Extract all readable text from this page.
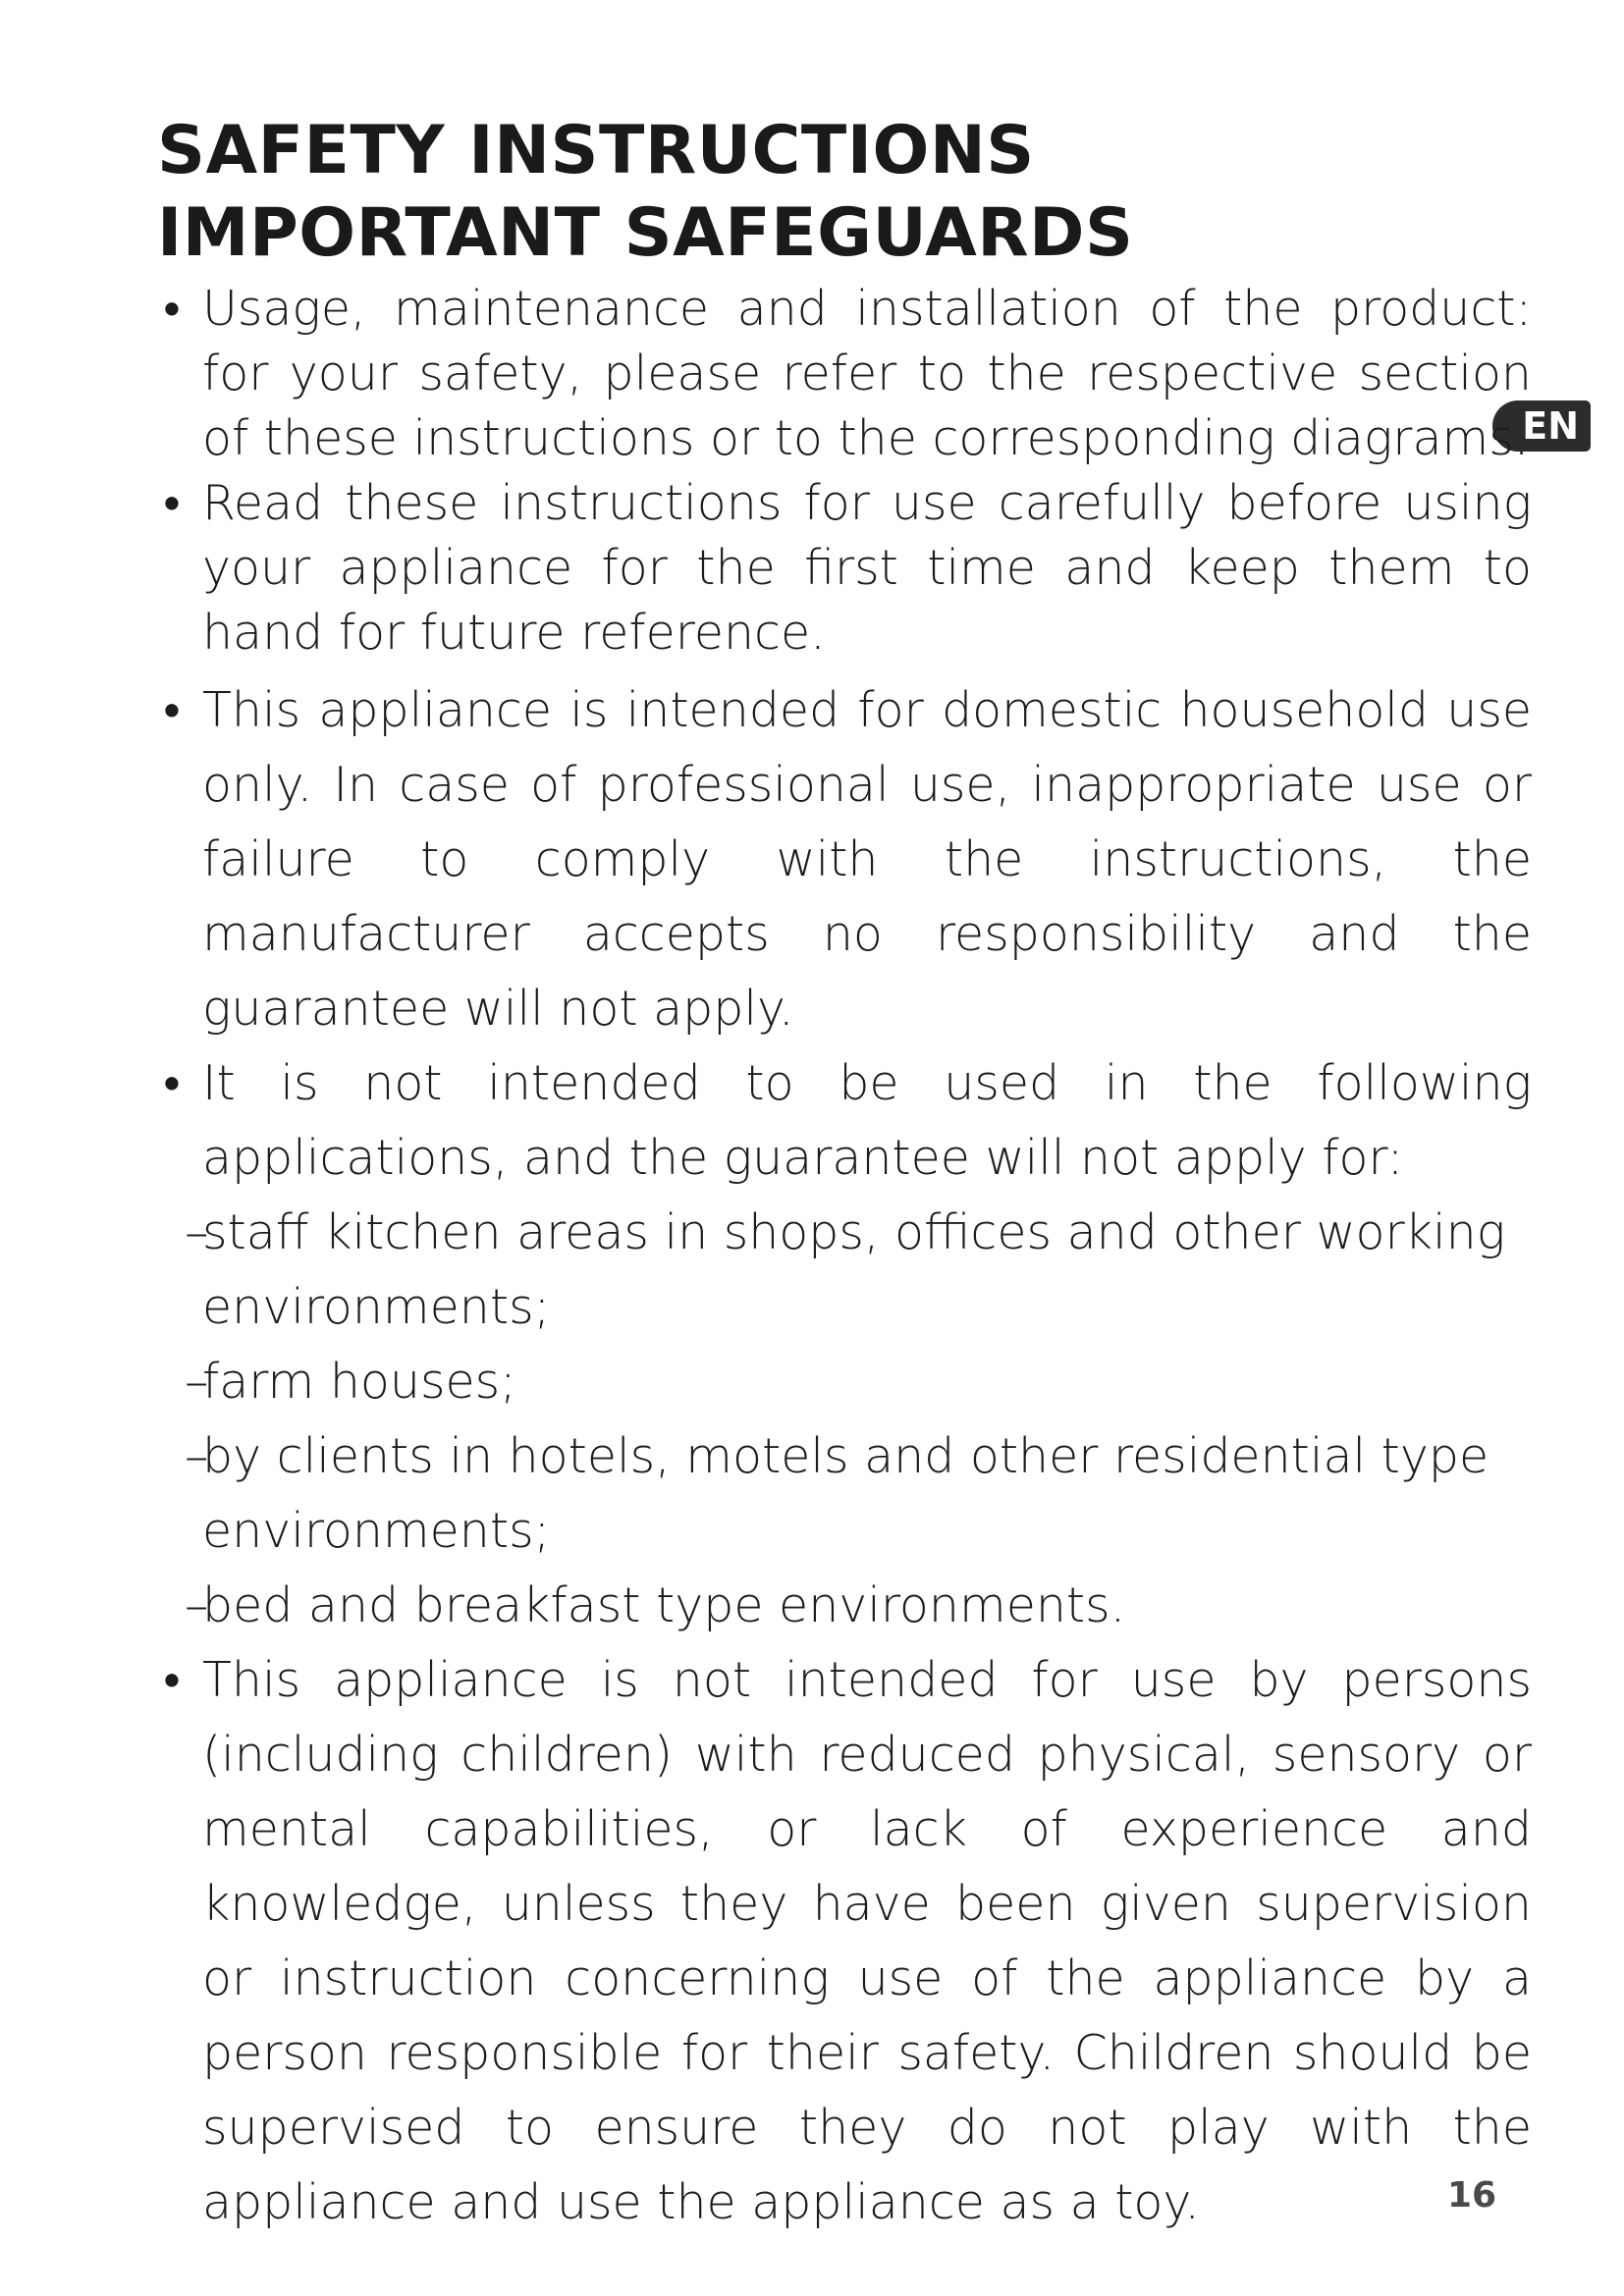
SAFETY INSTRUCTIONS
IMPORTANT SAFEGUARDS
EN
• Usage, maintenance and installation of the product: for your safety, please refer to the respective section of these instructions or to the corresponding diagrams.
• Read these instructions for use carefully before using your appliance for the first time and keep them to hand for future reference.
• This appliance is intended for domestic household use only. In case of professional use, inappropriate use or failure to comply with the instructions, the manufacturer accepts no responsibility and the guarantee will not apply.
• It is not intended to be used in the following applications, and the guarantee will not apply for:
–
staff kitchen areas in shops, offices and other working environments;
–
farm houses;
–
by clients in hotels, motels and other residential type environments;
–
bed and breakfast type environments.
• This appliance is not intended for use by persons (including children) with reduced physical, sensory or mental capabilities, or lack of experience and knowledge, unless they have been given supervision or instruction concerning use of the appliance by a person responsible for their safety. Children should be supervised to ensure they do not play with the appliance and use the appliance as a toy.	16
